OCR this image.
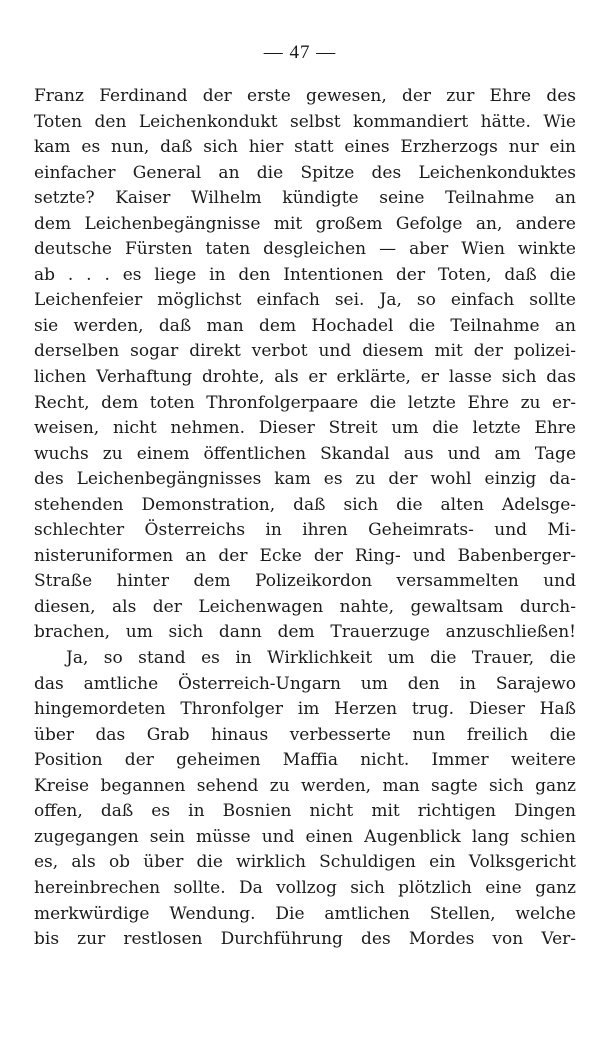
— 47 —
Franz Ferdinand der erste gewesen, der zur Ehre des
Toten den Leichenkondukt selbst kommandiert hätte. Wie
kam es nun, daß sich hier statt eines Erzherzogs nur ein
einfacher General an die Spitze des Leichenkonduktes
setzte? Kaiser Wilhelm kündigte seine Teilnahme an
dem Leichenbegängnisse mit großem Gefolge an, andere
deutsche Fürsten taten desgleichen — aber Wien winkte
ab . . . es liege in den Intentionen der Toten, daß die
Leichenfeier möglichst einfach sei. Ja, so einfach sollte
sie werden, daß man dem Hochadel die Teilnahme an
derselben sogar direkt verbot und diesem mit der polizei-
lichen Verhaftung drohte, als er erklärte, er lasse sich das
Recht, dem toten Thronfolgerpaare die letzte Ehre zu er-
weisen, nicht nehmen. Dieser Streit um die letzte Ehre
wuchs zu einem öffentlichen Skandal aus und am Tage
des Leichenbegängnisses kam es zu der wohl einzig da-
stehenden Demonstration, daß sich die alten Adelsge-
schlechter Österreichs in ihren Geheimrats- und Mi-
nisteruniformen an der Ecke der Ring- und Babenberger-
Straße hinter dem Polizeikordon versammelten und
diesen, als der Leichenwagen nahte, gewaltsam durch-
brachen, um sich dann dem Trauerzuge anzuschließen!
Ja, so stand es in Wirklichkeit um die Trauer, die
das amtliche Österreich-Ungarn um den in Sarajewo
hingemordeten Thronfolger im Herzen trug. Dieser Haß
über das Grab hinaus verbesserte nun freilich die
Position der geheimen Maffia nicht. Immer weitere
Kreise begannen sehend zu werden, man sagte sich ganz
offen, daß es in Bosnien nicht mit richtigen Dingen
zugegangen sein müsse und einen Augenblick lang schien
es, als ob über die wirklich Schuldigen ein Volksgericht
hereinbrechen sollte. Da vollzog sich plötzlich eine ganz
merkwürdige Wendung. Die amtlichen Stellen, welche
bis zur restlosen Durchführung des Mordes von Ver-
